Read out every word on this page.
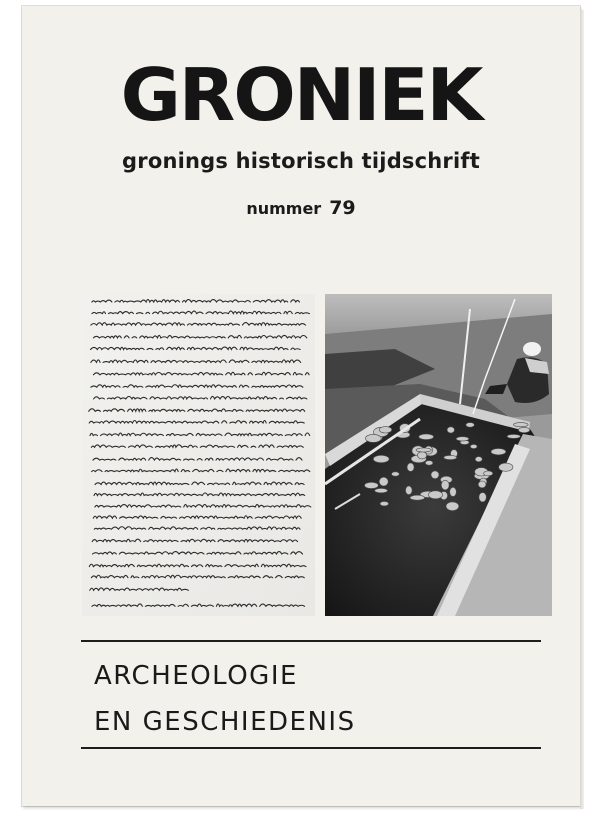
GRONIEK
gronings historisch tijdschrift
nummer 79
ARCHEOLOGIE
EN GESCHIEDENIS
